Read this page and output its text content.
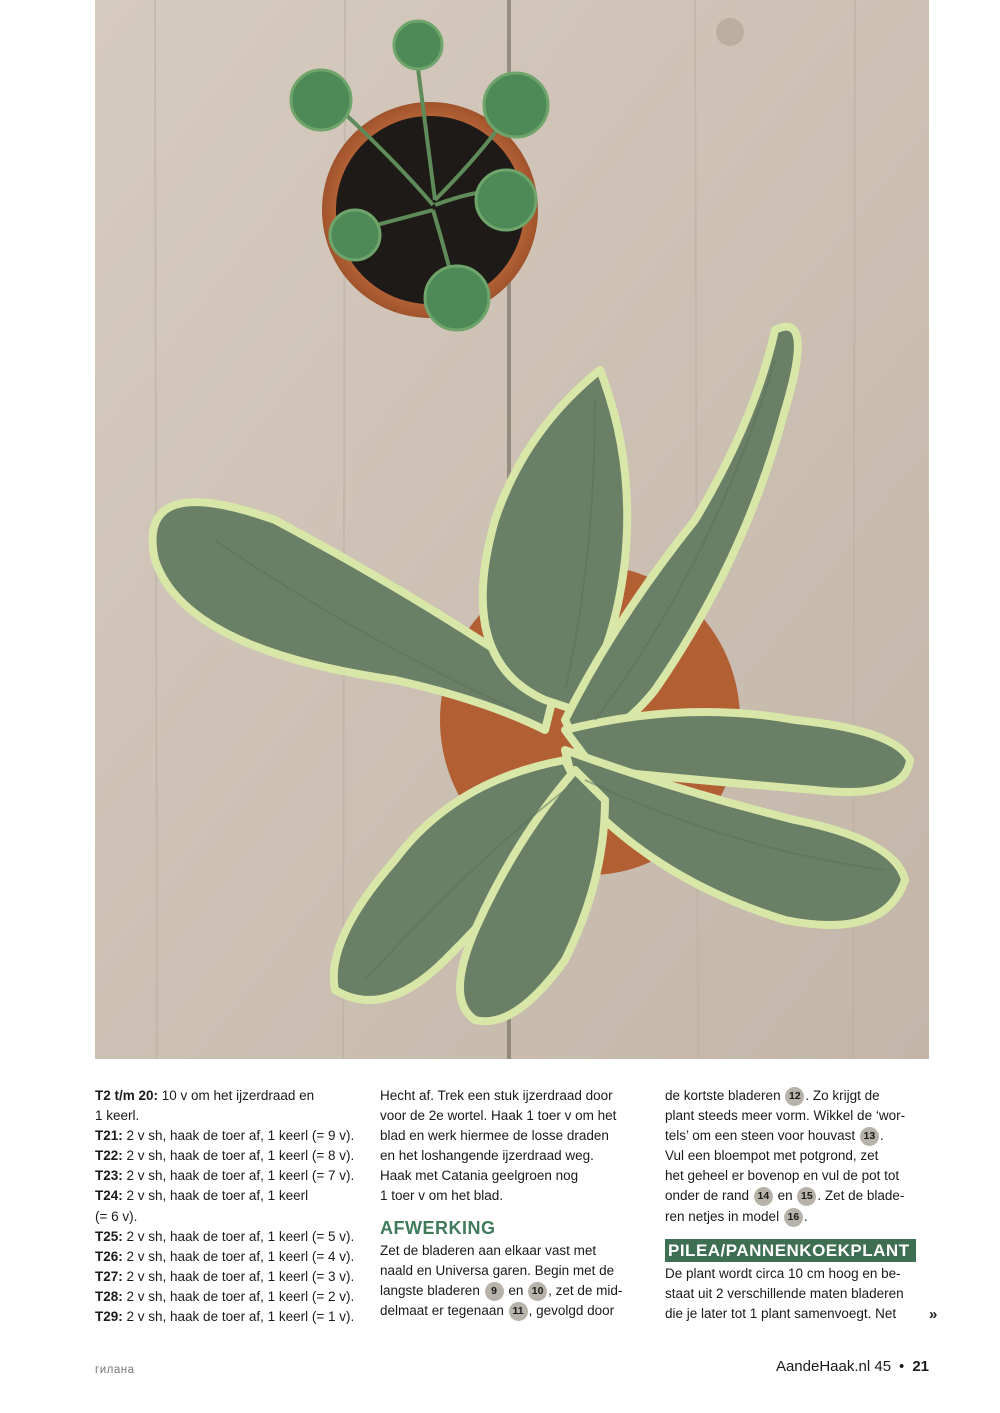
T2 t/m 20: 10 v om het ijzerdraad en
1 keerl.
T21: 2 v sh, haak de toer af, 1 keerl (= 9 v).
T22: 2 v sh, haak de toer af, 1 keerl (= 8 v).
T23: 2 v sh, haak de toer af, 1 keerl (= 7 v).
T24: 2 v sh, haak de toer af, 1 keerl
(= 6 v).
T25: 2 v sh, haak de toer af, 1 keerl (= 5 v).
T26: 2 v sh, haak de toer af, 1 keerl (= 4 v).
T27: 2 v sh, haak de toer af, 1 keerl (= 3 v).
T28: 2 v sh, haak de toer af, 1 keerl (= 2 v).
T29: 2 v sh, haak de toer af, 1 keerl (= 1 v).
Hecht af. Trek een stuk ijzerdraad door
voor de 2e wortel. Haak 1 toer v om het
blad en werk hiermee de losse draden
en het loshangende ijzerdraad weg.
Haak met Catania geelgroen nog
1 toer v om het blad.
AFWERKING
Zet de bladeren aan elkaar vast met
naald en Universa garen. Begin met de
langste bladeren 9 en 10 , zet de mid-
delmaat er tegenaan 11 , gevolgd door
de kortste bladeren 12 . Zo krijgt de
plant steeds meer vorm. Wikkel de ‘wor-
tels’ om een steen voor houvast 13 .
Vul een bloempot met potgrond, zet
het geheel er bovenop en vul de pot tot
onder de rand 14 en 15 . Zet de blade-
ren netjes in model 16 .
PILEA/PANNENKOEKPLANT
De plant wordt circa 10 cm hoog en be-
staat uit 2 verschillende maten bladeren
die je later tot 1 plant samenvoegt. Net	»
гилана	AandeHaak.nl 45 • 21
